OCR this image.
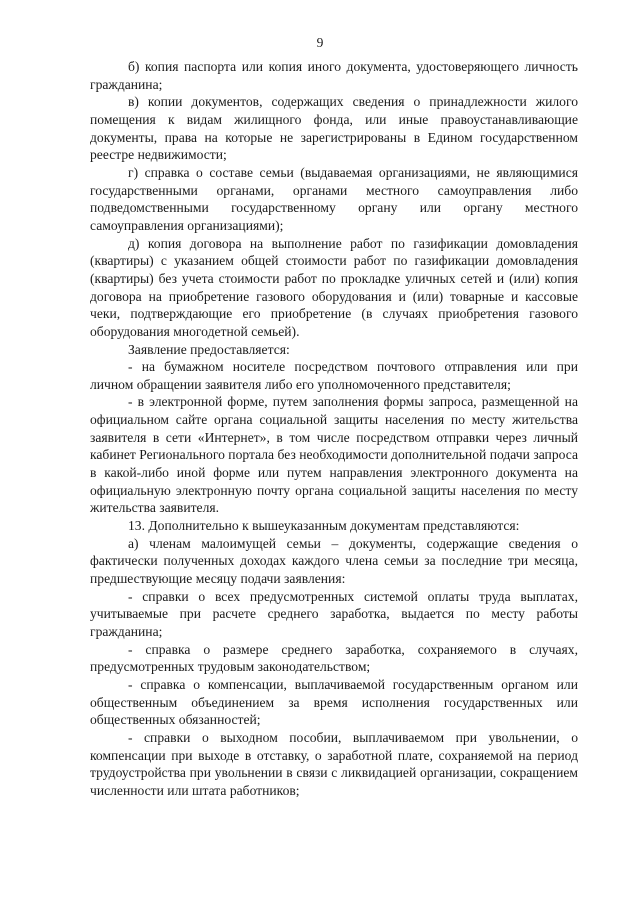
9

б) копия паспорта или копия иного документа, удостоверяющего личность гражданина;

в) копии документов, содержащих сведения о принадлежности жилого помещения к видам жилищного фонда, или иные правоустанавливающие документы, права на которые не зарегистрированы в Едином государственном реестре недвижимости;

г) справка о составе семьи (выдаваемая организациями, не являющимися государственными органами, органами местного самоуправления либо подведомственными государственному органу или органу местного самоуправления организациями);

д) копия договора на выполнение работ по газификации домовладения (квартиры) с указанием общей стоимости работ по газификации домовладения (квартиры) без учета стоимости работ по прокладке уличных сетей и (или) копия договора на приобретение газового оборудования и (или) товарные и кассовые чеки, подтверждающие его приобретение (в случаях приобретения газового оборудования многодетной семьей).

Заявление предоставляется:

- на бумажном носителе посредством почтового отправления или при личном обращении заявителя либо его уполномоченного представителя;

- в электронной форме, путем заполнения формы запроса, размещенной на официальном сайте органа социальной защиты населения по месту жительства заявителя в сети «Интернет», в том числе посредством отправки через личный кабинет Регионального портала без необходимости дополнительной подачи запроса в какой-либо иной форме или путем направления электронного документа на официальную электронную почту органа социальной защиты населения по месту жительства заявителя.

13. Дополнительно к вышеуказанным документам представляются:

а) членам малоимущей семьи – документы, содержащие сведения о фактически полученных доходах каждого члена семьи за последние три месяца, предшествующие месяцу подачи заявления:

- справки о всех предусмотренных системой оплаты труда выплатах, учитываемые при расчете среднего заработка, выдается по месту работы гражданина;

- справка о размере среднего заработка, сохраняемого в случаях, предусмотренных трудовым законодательством;

- справка о компенсации, выплачиваемой государственным органом или общественным объединением за время исполнения государственных или общественных обязанностей;

- справки о выходном пособии, выплачиваемом при увольнении, о компенсации при выходе в отставку, о заработной плате, сохраняемой на период трудоустройства при увольнении в связи с ликвидацией организации, сокращением численности или штата работников;
